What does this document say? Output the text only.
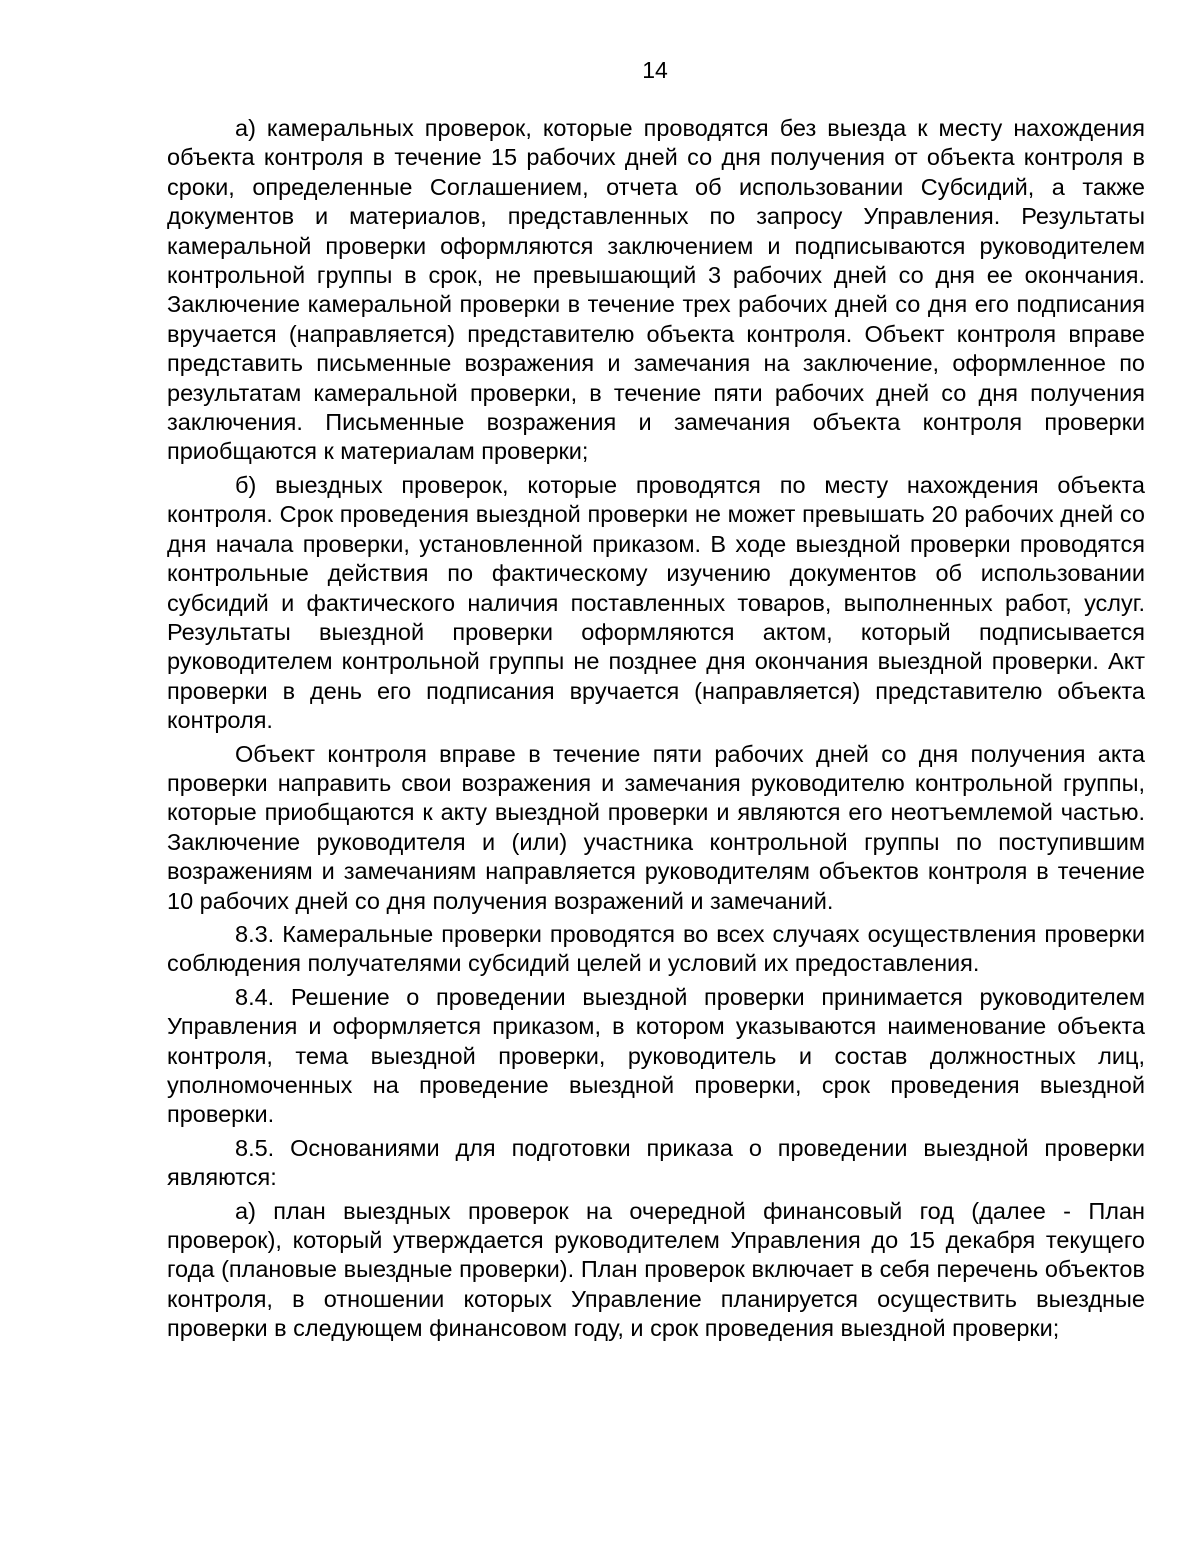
14

а) камеральных проверок, которые проводятся без выезда к месту нахождения объекта контроля в течение 15 рабочих дней со дня получения от объекта контроля в сроки, определенные Соглашением, отчета об использовании Субсидий, а также документов и материалов, представленных по запросу Управления. Результаты камеральной проверки оформляются заключением и подписываются руководителем контрольной группы в срок, не превышающий 3 рабочих дней со дня ее окончания. Заключение камеральной проверки в течение трех рабочих дней со дня его подписания вручается (направляется) представителю объекта контроля. Объект контроля вправе представить письменные возражения и замечания на заключение, оформленное по результатам камеральной проверки, в течение пяти рабочих дней со дня получения заключения. Письменные возражения и замечания объекта контроля проверки приобщаются к материалам проверки;

б) выездных проверок, которые проводятся по месту нахождения объекта контроля. Срок проведения выездной проверки не может превышать 20 рабочих дней со дня начала проверки, установленной приказом. В ходе выездной проверки проводятся контрольные действия по фактическому изучению документов об использовании субсидий и фактического наличия поставленных товаров, выполненных работ, услуг. Результаты выездной проверки оформляются актом, который подписывается руководителем контрольной группы не позднее дня окончания выездной проверки. Акт проверки в день его подписания вручается (направляется) представителю объекта контроля.

Объект контроля вправе в течение пяти рабочих дней со дня получения акта проверки направить свои возражения и замечания руководителю контрольной группы, которые приобщаются к акту выездной проверки и являются его неотъемлемой частью. Заключение руководителя и (или) участника контрольной группы по поступившим возражениям и замечаниям направляется руководителям объектов контроля в течение 10 рабочих дней со дня получения возражений и замечаний.

8.3. Камеральные проверки проводятся во всех случаях осуществления проверки соблюдения получателями субсидий целей и условий их предоставления.

8.4. Решение о проведении выездной проверки принимается руководителем Управления и оформляется приказом, в котором указываются наименование объекта контроля, тема выездной проверки, руководитель и состав должностных лиц, уполномоченных на проведение выездной проверки, срок проведения выездной проверки.

8.5. Основаниями для подготовки приказа о проведении выездной проверки являются:

а) план выездных проверок на очередной финансовый год (далее - План проверок), который утверждается руководителем Управления до 15 декабря текущего года (плановые выездные проверки). План проверок включает в себя перечень объектов контроля, в отношении которых Управление планируется осуществить выездные проверки в следующем финансовом году, и срок проведения выездной проверки;
